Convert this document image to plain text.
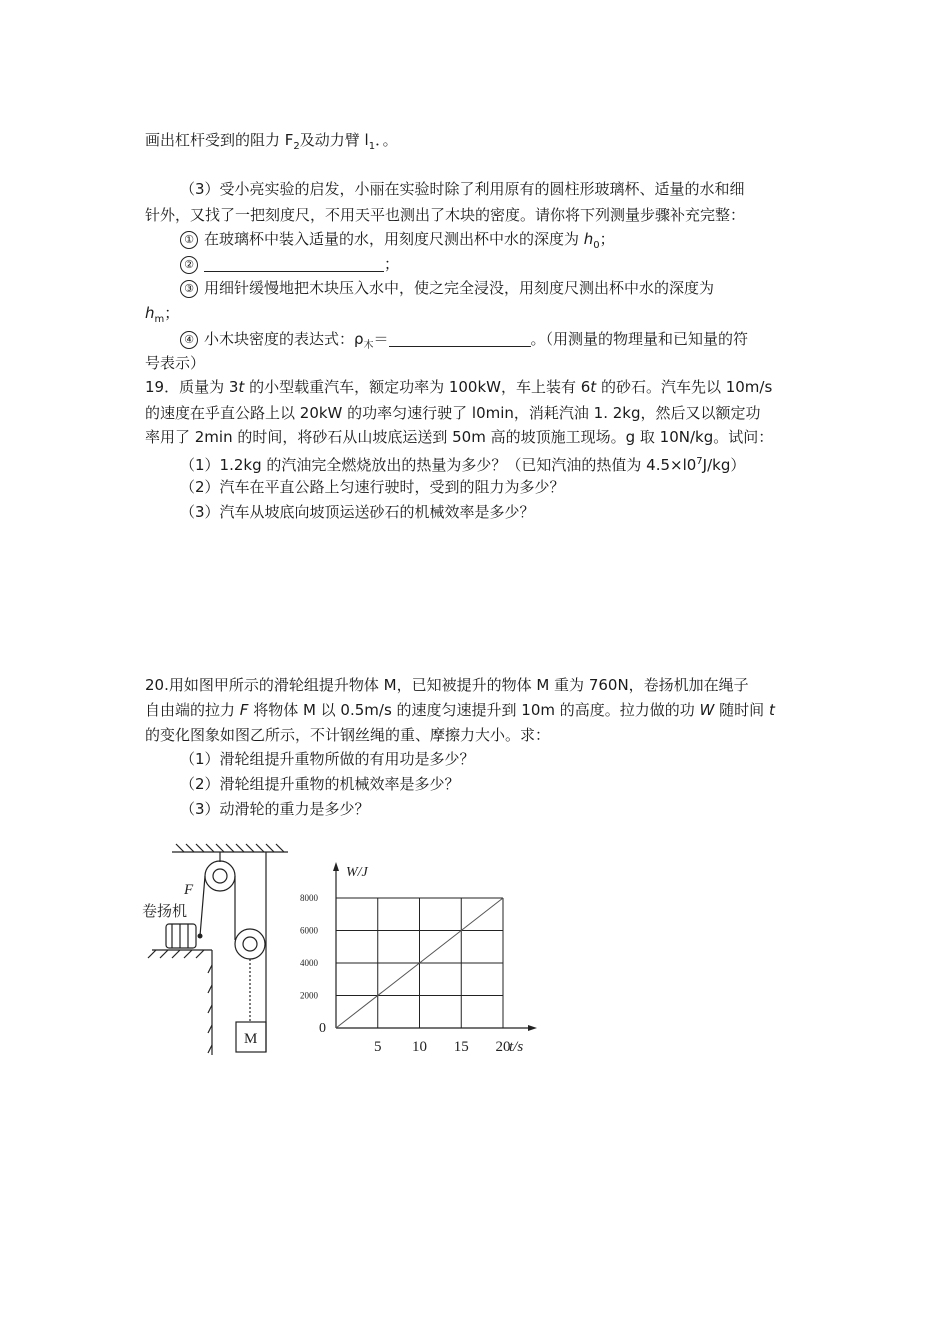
画出杠杆受到的阻力 $F_2$及动力臂 $l_1$．。
（3）受小亮实验的启发，小丽在实验时除了利用原有的圆柱形玻璃杯、适量的水和细
针外，又找了一把刻度尺，不用天平也测出了木块的密度。请你将下列测量步骤补充完整：
① 在玻璃杯中装入适量的水，用刻度尺测出杯中水的深度为 $h_0$；
②	；
③ 用细针缓慢地把木块压入水中，使之完全浸没，用刻度尺测出杯中水的深度为
$h_m$；
④ 小木块密度的表达式：$\rho_木=$	。（用测量的物理量和已知量的符
号表示）
19．质量为 3t 的小型载重汽车，额定功率为 100kW，车上装有 6t 的砂石。汽车先以 10m/s
的速度在乎直公路上以 20kW 的功率匀速行驶了 l0min，消耗汽油 1. 2kg，然后又以额定功
率用了 2min 的时间，将砂石从山坡底运送到 50m 高的坡顶施工现场。g 取 10N/kg。试问：
（1）1.2kg 的汽油完全燃烧放出的热量为多少？（已知汽油的热值为 $4.5\times l0^7J/kg$）
（2）汽车在平直公路上匀速行驶时，受到的阻力为多少？
（3）汽车从坡底向坡顶运送砂石的机械效率是多少？
20.用如图甲所示的滑轮组提升物体 M，已知被提升的物体 M 重为 760N，卷扬机加在绳子
自由端的拉力 F 将物体 M 以 0.5m/s 的速度匀速提升到 10m 的高度。拉力做的功 W 随时间 t
的变化图象如图乙所示，不计钢丝绳的重、摩擦力大小。求：
（1）滑轮组提升重物所做的有用功是多少？
（2）滑轮组提升重物的机械效率是多少？
（3）动滑轮的重力是多少？
F
卷扬机
M	5 10 15 20
2000
4000
6000
8000
0
W/J
t/s
